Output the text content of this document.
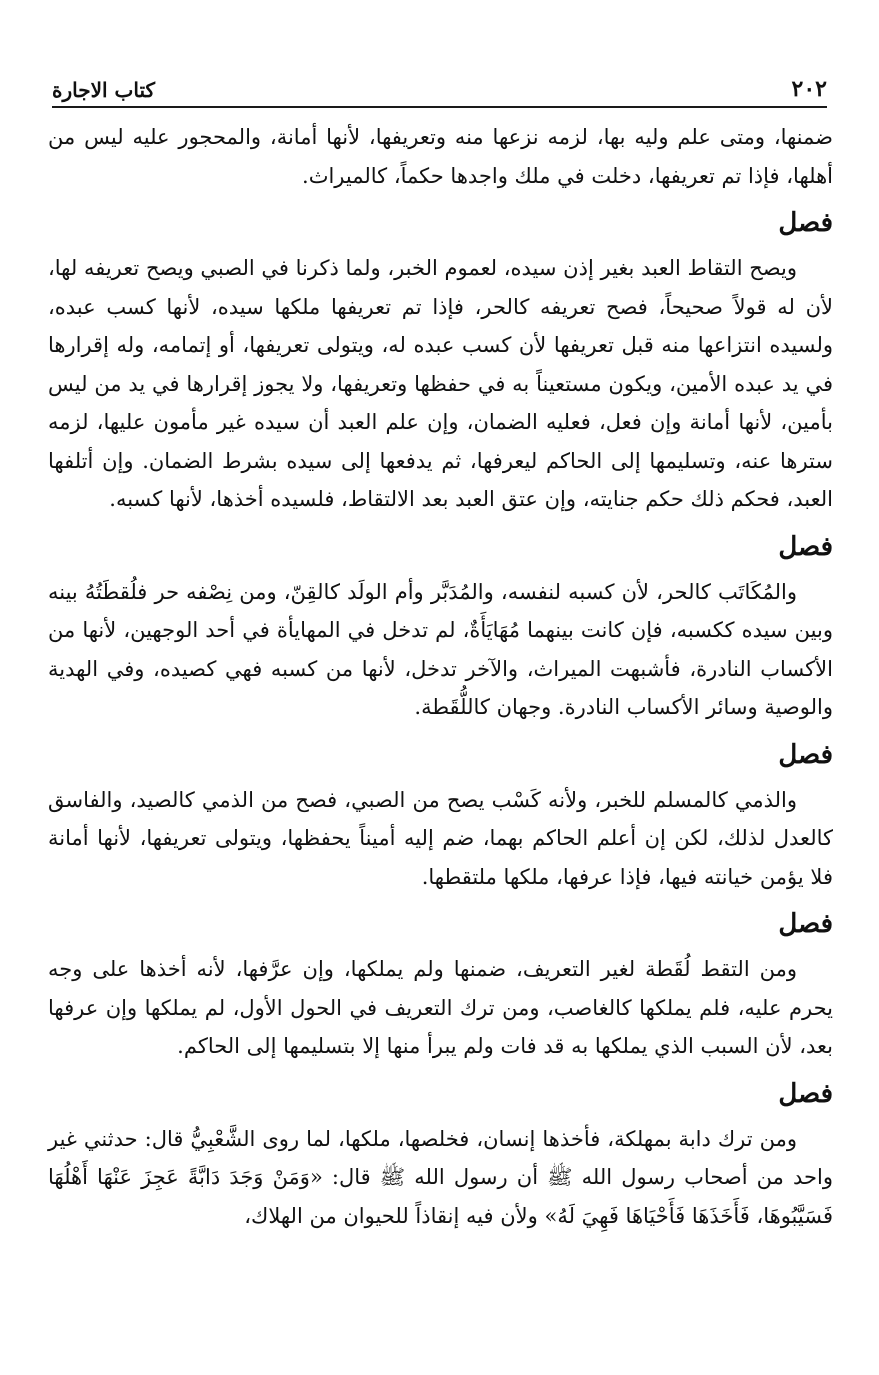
٢٠٢
كتاب الاجارة

ضمنها، ومتى علم وليه بها، لزمه نزعها منه وتعريفها، لأنها أمانة، والمحجور عليه ليس من أهلها، فإذا تم تعريفها، دخلت في ملك واجدها حكماً، كالميراث.

فصل

ويصح التقاط العبد بغير إذن سيده، لعموم الخبر، ولما ذكرنا في الصبي ويصح تعريفه لها، لأن له قولاً صحيحاً، فصح تعريفه كالحر، فإذا تم تعريفها ملكها سيده، لأنها كسب عبده، ولسيده انتزاعها منه قبل تعريفها لأن كسب عبده له، ويتولى تعريفها، أو إتمامه، وله إقرارها في يد عبده الأمين، ويكون مستعيناً به في حفظها وتعريفها، ولا يجوز إقرارها في يد من ليس بأمين، لأنها أمانة وإن فعل، فعليه الضمان، وإن علم العبد أن سيده غير مأمون عليها، لزمه سترها عنه، وتسليمها إلى الحاكم ليعرفها، ثم يدفعها إلى سيده بشرط الضمان. وإن أتلفها العبد، فحكم ذلك حكم جنايته، وإن عتق العبد بعد الالتقاط، فلسيده أخذها، لأنها كسبه.

فصل

والمُكَاتَب كالحر، لأن كسبه لنفسه، والمُدَبَّر وأم الولَد كالقِنّ، ومن نِصْفه حر فلُقطَتُهُ بينه وبين سيده ككسبه، فإن كانت بينهما مُهَايَأَةٌ، لم تدخل في المهايأة في أحد الوجهين، لأنها من الأكساب النادرة، فأشبهت الميراث، والآخر تدخل، لأنها من كسبه فهي كصيده، وفي الهدية والوصية وسائر الأكساب النادرة. وجهان كاللُّقَطة.

فصل

والذمي كالمسلم للخبر، ولأنه كَسْب يصح من الصبي، فصح من الذمي كالصيد، والفاسق كالعدل لذلك، لكن إن أعلم الحاكم بهما، ضم إليه أميناً يحفظها، ويتولى تعريفها، لأنها أمانة فلا يؤمن خيانته فيها، فإذا عرفها، ملكها ملتقطها.

فصل

ومن التقط لُقَطة لغير التعريف، ضمنها ولم يملكها، وإن عرَّفها، لأنه أخذها على وجه يحرم عليه، فلم يملكها كالغاصب، ومن ترك التعريف في الحول الأول، لم يملكها وإن عرفها بعد، لأن السبب الذي يملكها به قد فات ولم يبرأ منها إلا بتسليمها إلى الحاكم.

فصل

ومن ترك دابة بمهلكة، فأخذها إنسان، فخلصها، ملكها، لما روى الشَّعْبِيُّ قال: حدثني غير واحد من أصحاب رسول الله ﷺ أن رسول الله ﷺ قال: «وَمَنْ وَجَدَ دَابَّةً عَجِزَ عَنْهَا أَهْلُهَا فَسَيَّبُوهَا، فَأَخَذَهَا فَأَحْيَاهَا فَهِيَ لَهُ» ولأن فيه إنقاذاً للحيوان من الهلاك،
